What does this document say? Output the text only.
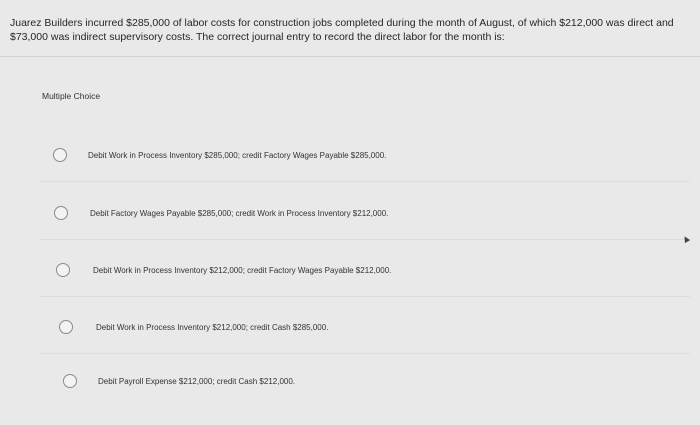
Juarez Builders incurred $285,000 of labor costs for construction jobs completed during the month of August, of which $212,000 was direct and $73,000 was indirect supervisory costs. The correct journal entry to record the direct labor for the month is:
Multiple Choice
Debit Work in Process Inventory $285,000; credit Factory Wages Payable $285,000.
Debit Factory Wages Payable $285,000; credit Work in Process Inventory $212,000.
Debit Work in Process Inventory $212,000; credit Factory Wages Payable $212,000.
Debit Work in Process Inventory $212,000; credit Cash $285,000.
Debit Payroll Expense $212,000; credit Cash $212,000.
